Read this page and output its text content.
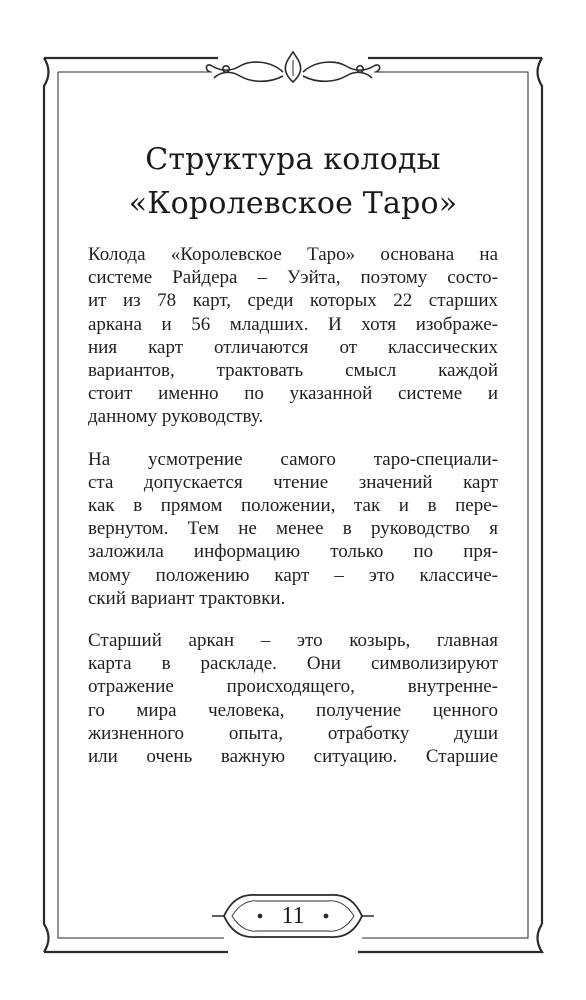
Структура колоды
«Королевское Таро»

Колода «Королевское Таро» основана на
системе Райдера – Уэйта, поэтому состо-
ит из 78 карт, среди которых 22 старших
аркана и 56 младших. И хотя изображе-
ния карт отличаются от классических
вариантов, трактовать смысл каждой
стоит именно по указанной системе и
данному руководству.

На усмотрение самого таро-специали-
ста допускается чтение значений карт
как в прямом положении, так и в пере-
вернутом. Тем не менее в руководство я
заложила информацию только по пря-
мому положению карт – это классиче-
ский вариант трактовки.

Старший аркан – это козырь, главная
карта в раскладе. Они символизируют
отражение происходящего, внутренне-
го мира человека, получение ценного
жизненного опыта, отработку души
или очень важную ситуацию. Старшие

11
